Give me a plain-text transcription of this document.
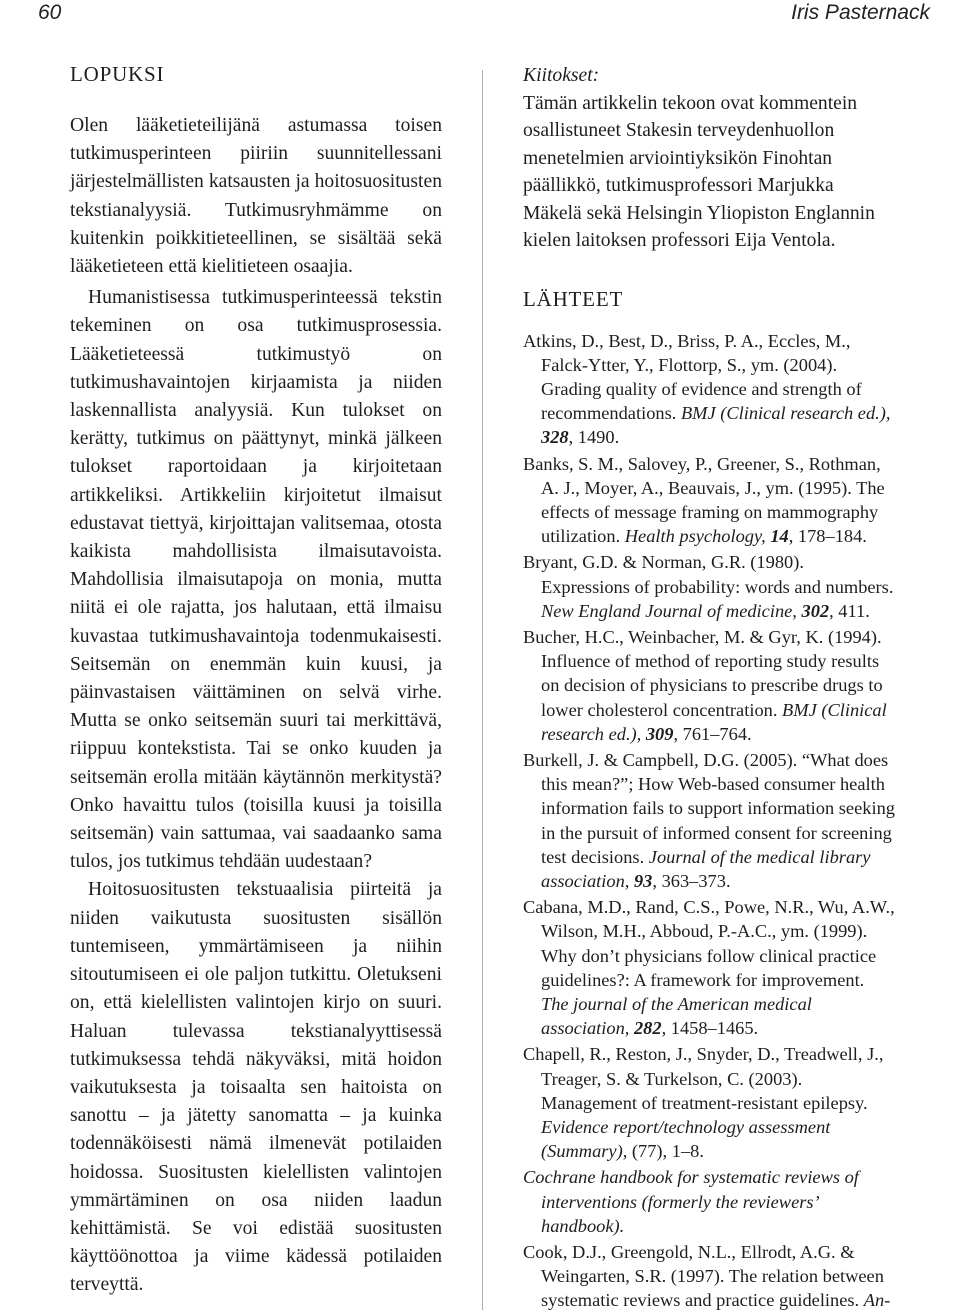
60	Iris Pasternack
LOPUKSI

Olen lääketieteilijänä astumassa toisen tutkimusperinteen piiriin suunnitellessani järjestelmällisten katsausten ja hoitosuositusten tekstianalyysiä. Tutkimusryhmämme on kuitenkin poikkitieteellinen, se sisältää sekä lääketieteen että kielitieteen osaajia.

Humanistisessa tutkimusperinteessä tekstin tekeminen on osa tutkimusprosessia. Lääketieteessä tutkimustyö on tutkimushavaintojen kirjaamista ja niiden laskennallista analyysiä. Kun tulokset on kerätty, tutkimus on päättynyt, minkä jälkeen tulokset raportoidaan ja kirjoitetaan artikkeliksi. Artikkeliin kirjoitetut ilmaisut edustavat tiettyä, kirjoittajan valitsemaa, otosta kaikista mahdollisista ilmaisutavoista. Mahdollisia ilmaisutapoja on monia, mutta niitä ei ole rajatta, jos halutaan, että ilmaisu kuvastaa tutkimushavaintoja todenmukaisesti. Seitsemän on enemmän kuin kuusi, ja päinvastaisen väittäminen on selvä virhe. Mutta se onko seitsemän suuri tai merkittävä, riippuu kontekstista. Tai se onko kuuden ja seitsemän erolla mitään käytännön merkitystä? Onko havaittu tulos (toisilla kuusi ja toisilla seitsemän) vain sattumaa, vai saadaanko sama tulos, jos tutkimus tehdään uudestaan?

Hoitosuositusten tekstuaalisia piirteitä ja niiden vaikutusta suositusten sisällön tuntemiseen, ymmärtämiseen ja niihin sitoutumiseen ei ole paljon tutkittu. Oletukseni on, että kielellisten valintojen kirjo on suuri. Haluan tulevassa tekstianalyyttisessä tutkimuksessa tehdä näkyväksi, mitä hoidon vaikutuksesta ja toisaalta sen haitoista on sanottu – ja jätetty sanomatta – ja kuinka todennäköisesti nämä ilmenevät potilaiden hoidossa. Suositusten kielellisten valintojen ymmärtäminen on osa niiden laadun kehittämistä. Se voi edistää suositusten käyttöönottoa ja viime kädessä potilaiden terveyttä.

Kiitokset:

Tämän artikkelin tekoon ovat kommentein osallistuneet Stakesin terveydenhuollon menetelmien arviointiyksikön Finohtan päällikkö, tutkimusprofessori Marjukka Mäkelä sekä Helsingin Yliopiston Englannin kielen laitoksen professori Eija Ventola.

LÄHTEET
Atkins, D., Best, D., Briss, P. A., Eccles, M., Falck-Ytter, Y., Flottorp, S., ym. (2004). Grading quality of evidence and strength of recommendations. BMJ (Clinical research ed.), 328, 1490.
Banks, S. M., Salovey, P., Greener, S., Rothman, A. J., Moyer, A., Beauvais, J., ym. (1995). The effects of message framing on mammography utilization. Health psychology, 14, 178–184.
Bryant, G.D. & Norman, G.R. (1980). Expressions of probability: words and numbers. New England Journal of medicine, 302, 411.
Bucher, H.C., Weinbacher, M. & Gyr, K. (1994). Influence of method of reporting study results on decision of physicians to prescribe drugs to lower cholesterol concentration. BMJ (Clinical research ed.), 309, 761–764.
Burkell, J. & Campbell, D.G. (2005). “What does this mean?”; How Web-based consumer health information fails to support information seeking in the pursuit of informed consent for screening test decisions. Journal of the medical library association, 93, 363–373.
Cabana, M.D., Rand, C.S., Powe, N.R., Wu, A.W., Wilson, M.H., Abboud, P.-A.C., ym. (1999). Why don’t physicians follow clinical practice guidelines?: A framework for improvement. The journal of the American medical association, 282, 1458–1465.
Chapell, R., Reston, J., Snyder, D., Treadwell, J., Treager, S. & Turkelson, C. (2003). Management of treatment-resistant epilepsy. Evidence report/technology assessment (Summary), (77), 1–8.
Cochrane handbook for systematic reviews of interventions (formerly the reviewers’ handbook).
Cook, D.J., Greengold, N.L., Ellrodt, A.G. & Weingarten, S.R. (1997). The relation between systematic reviews and practice guidelines. An-
